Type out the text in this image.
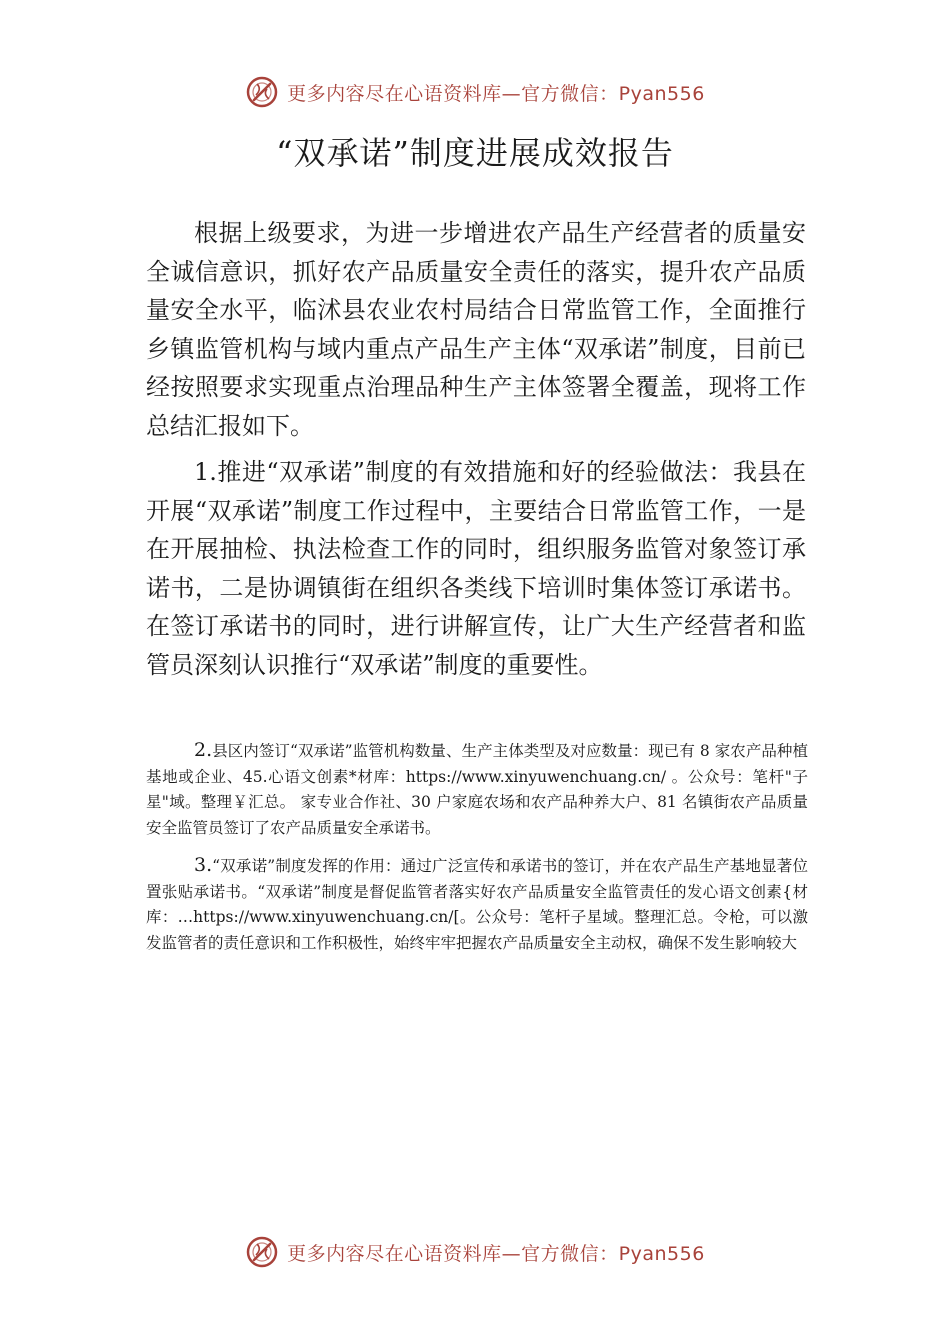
更多内容尽在心语资料库—官方微信：Pyan556
“双承诺”制度进展成效报告

根据上级要求，为进一步增进农产品生产经营者的质量安全诚信意识，抓好农产品质量安全责任的落实，提升农产品质量安全水平，临沭县农业农村局结合日常监管工作，全面推行乡镇监管机构与域内重点产品生产主体“双承诺”制度，目前已经按照要求实现重点治理品种生产主体签署全覆盖，现将工作总结汇报如下。

1.推进“双承诺”制度的有效措施和好的经验做法：我县在开展“双承诺”制度工作过程中，主要结合日常监管工作，一是在开展抽检、执法检查工作的同时，组织服务监管对象签订承诺书，二是协调镇街在组织各类线下培训时集体签订承诺书。在签订承诺书的同时，进行讲解宣传，让广大生产经营者和监管员深刻认识推行“双承诺”制度的重要性。

2.县区内签订“双承诺”监管机构数量、生产主体类型及对应数量：现已有 8 家农产品种植基地或企业、45.心语文创素*材库：https://www.xinyuwenchuang.cn/ 。公众号：笔杆"子星"域。整理￥汇总。 家专业合作社、30 户家庭农场和农产品种养大户、81 名镇街农产品质量安全监管员签订了农产品质量安全承诺书。

3.“双承诺”制度发挥的作用：通过广泛宣传和承诺书的签订，并在农产品生产基地显著位置张贴承诺书。“双承诺”制度是督促监管者落实好农产品质量安全监管责任的发心语文创素{材库：…https://www.xinyuwenchuang.cn/[。公众号：笔杆子星域。整理汇总。令枪，可以激发监管者的责任意识和工作积极性，始终牢牢把握农产品质量安全主动权，确保不发生影响较大

更多内容尽在心语资料库—官方微信：Pyan556
